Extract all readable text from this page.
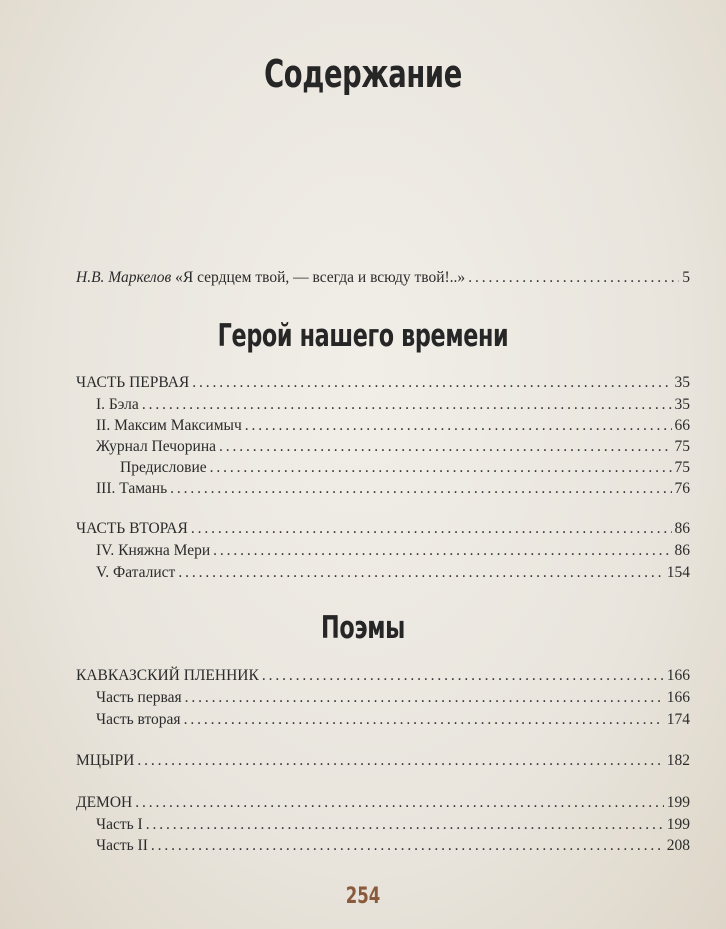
Содержание
Н.В. Маркелов «Я сердцем твой, — всегда и всюду твой!..» . . .	5
Герой нашего времени
ЧАСТЬ ПЕРВАЯ . . .	35
I. Бэла . . .	35
II. Максим Максимыч . . .	66
Журнал Печорина . . .	75
Предисловие . . .	75
III. Тамань . . .	76
ЧАСТЬ ВТОРАЯ . . .	86
IV. Княжна Мери . . .	86
V. Фаталист . . .	154
Поэмы
КАВКАЗСКИЙ ПЛЕННИК . . .	166
Часть первая . . .	166
Часть вторая . . .	174
МЦЫРИ . . .	182
ДЕМОН . . .	199
Часть I . . .	199
Часть II . . .	208
254
